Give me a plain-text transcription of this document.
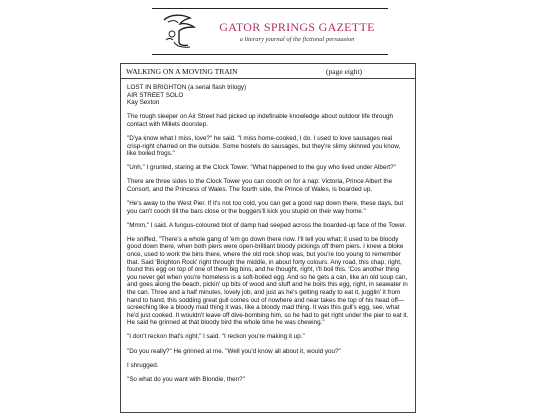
GATOR SPRINGS GAZETTE
a literary journal of the fictional persuasion
WALKING ON A MOVING TRAIN	(page eight)

LOST IN BRIGHTON (a serial flash trilogy)
AIR STREET SOLO
Kay Sexton

The rough sleeper on Air Street had picked up indefinable knowledge about outdoor life through contact with Millets doorstep.

"D'ya know what I miss, love?" he said. "I miss home-cooked, I do. I used to love sausages real crisp-right charred on the outside. Some hostels do sausages, but they're slimy skinned you know, like boiled frogs."

"Unh," I grunted, staring at the Clock Tower. "What happened to the guy who lived under Albert?"

There are three sides to the Clock Tower you can cooch on for a nap: Victoria, Prince Albert the Consort, and the Princess of Wales. The fourth side, the Prince of Wales, is boarded up.

"He's away to the West Pier. If it's not too cold, you can get a good nap down there, these days, but you can't cooch till the bars close or the buggers'll kick you stupid on their way home."

"Mmm," I said. A fungus-coloured blot of damp had seeped across the boarded-up face of the Tower.

He sniffed, "There's a whole gang of 'em go down there now. I'll tell you what; it used to be bloody good down there, when both piers were open-brilliant bloody pickings off them piers. I knew a bloke once, used to work the bins there, where the old rock shop was, but you're too young to remember that. Said 'Brighton Rock' right through the middle, in about forty colours. Any road, this chap, right, found this egg on top of one of them big bins, and he thought, right, I'll boil this. 'Cos another thing you never get when you're homeless is a soft-boiled egg. And so he gets a can, like an old soup can, and goes along the beach, pickin' up bits of wood and stuff and he boils this egg, right, in seawater in the can. Three and a half minutes, lovely job, and just as he's getting ready to eat it, jugglin' it from hand to hand, this sodding great gull comes out of nowhere and near takes the top of his head off—screeching like a bloody mad thing it was, like a bloody mad thing. It was this gull's egg, see, what he'd just cooked. It wouldn't leave off dive-bombing him, so he had to get right under the pier to eat it. He said he grinned at that bloody bird the whole time he was chewing."

"I don't reckon that's right," I said. "I reckon you're making it up."

"Do you really?" He grinned at me. "Well you'd know all about it, would you?"

I shrugged.

"So what do you want with Blondie, then?"
